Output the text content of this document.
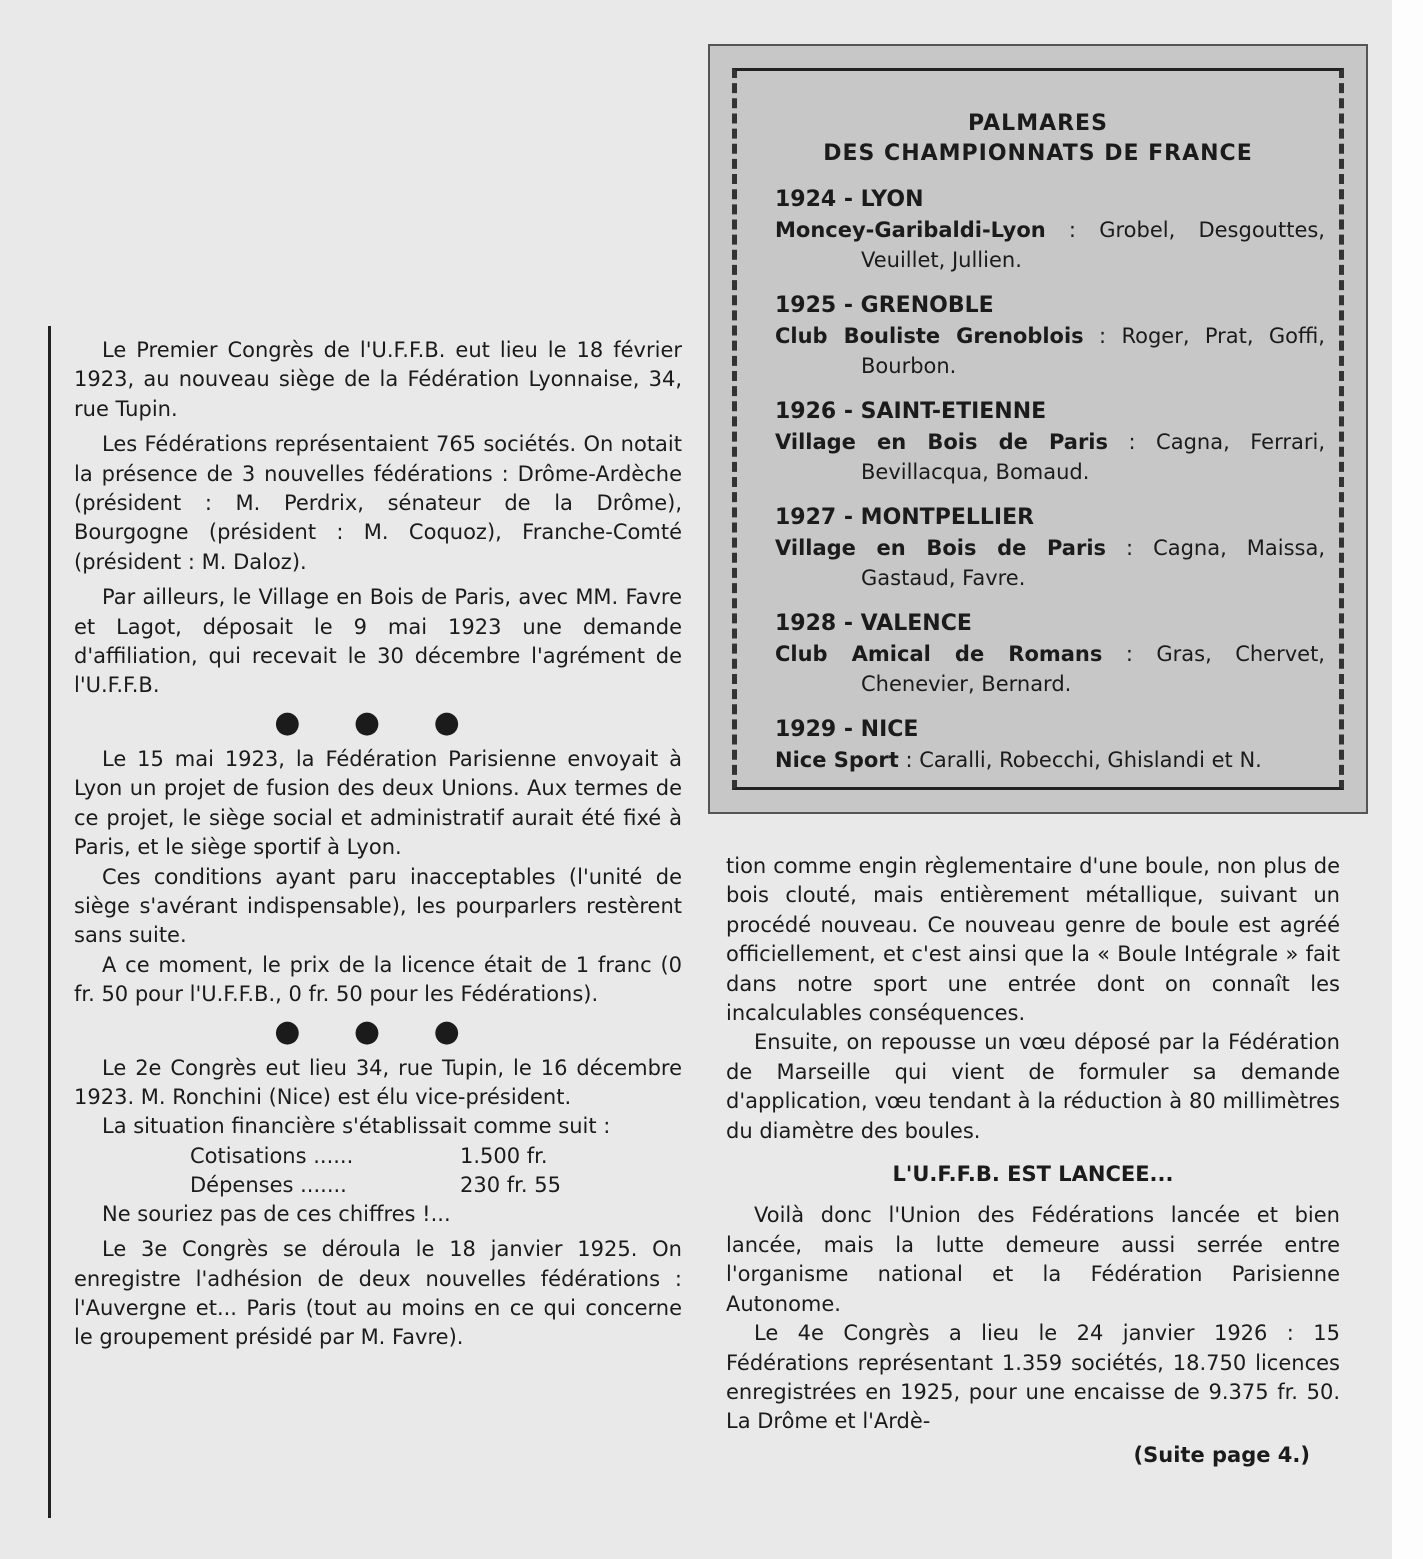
PALMARES
DES CHAMPIONNATS DE FRANCE
1924 - LYON
Moncey-Garibaldi-Lyon : Grobel, Desgouttes, Veuillet, Jullien.
1925 - GRENOBLE
Club Bouliste Grenoblois : Roger, Prat, Goffi, Bourbon.
1926 - SAINT-ETIENNE
Village en Bois de Paris : Cagna, Ferrari, Bevillacqua, Bomaud.
1927 - MONTPELLIER
Village en Bois de Paris : Cagna, Maissa, Gastaud, Favre.
1928 - VALENCE
Club Amical de Romans : Gras, Chervet, Chenevier, Bernard.
1929 - NICE
Nice Sport : Caralli, Robecchi, Ghislandi et N.

Le Premier Congrès de l'U.F.F.B. eut lieu le 18 février 1923, au nouveau siège de la Fédération Lyonnaise, 34, rue Tupin.

Les Fédérations représentaient 765 sociétés. On notait la présence de 3 nouvelles fédérations : Drôme-Ardèche (président : M. Perdrix, sénateur de la Drôme), Bourgogne (président : M. Coquoz), Franche-Comté (président : M. Daloz).

Par ailleurs, le Village en Bois de Paris, avec MM. Favre et Lagot, déposait le 9 mai 1923 une demande d'affiliation, qui recevait le 30 décembre l'agrément de l'U.F.F.B.

● ● ●

Le 15 mai 1923, la Fédération Parisienne envoyait à Lyon un projet de fusion des deux Unions. Aux termes de ce projet, le siège social et administratif aurait été fixé à Paris, et le siège sportif à Lyon.

Ces conditions ayant paru inacceptables (l'unité de siège s'avérant indispensable), les pourparlers restèrent sans suite.

A ce moment, le prix de la licence était de 1 franc (0 fr. 50 pour l'U.F.F.B., 0 fr. 50 pour les Fédérations).

● ● ●

Le 2e Congrès eut lieu 34, rue Tupin, le 16 décembre 1923. M. Ronchini (Nice) est élu vice-président.

La situation financière s'établissait comme suit :

Cotisations ......	1.500 fr.
Dépenses .......	230 fr. 55

Ne souriez pas de ces chiffres !...

Le 3e Congrès se déroula le 18 janvier 1925. On enregistre l'adhésion de deux nouvelles fédérations : l'Auvergne et... Paris (tout au moins en ce qui concerne le groupement présidé par M. Favre).

tion comme engin règlementaire d'une boule, non plus de bois clouté, mais entièrement métallique, suivant un procédé nouveau. Ce nouveau genre de boule est agréé officiellement, et c'est ainsi que la « Boule Intégrale » fait dans notre sport une entrée dont on connaît les incalculables conséquences.

Ensuite, on repousse un vœu déposé par la Fédération de Marseille qui vient de formuler sa demande d'application, vœu tendant à la réduction à 80 millimètres du diamètre des boules.

L'U.F.F.B. EST LANCEE...

Voilà donc l'Union des Fédérations lancée et bien lancée, mais la lutte demeure aussi serrée entre l'organisme national et la Fédération Parisienne Autonome.

Le 4e Congrès a lieu le 24 janvier 1926 : 15 Fédérations représentant 1.359 sociétés, 18.750 licences enregistrées en 1925, pour une encaisse de 9.375 fr. 50. La Drôme et l'Ardè-

(Suite page 4.)
